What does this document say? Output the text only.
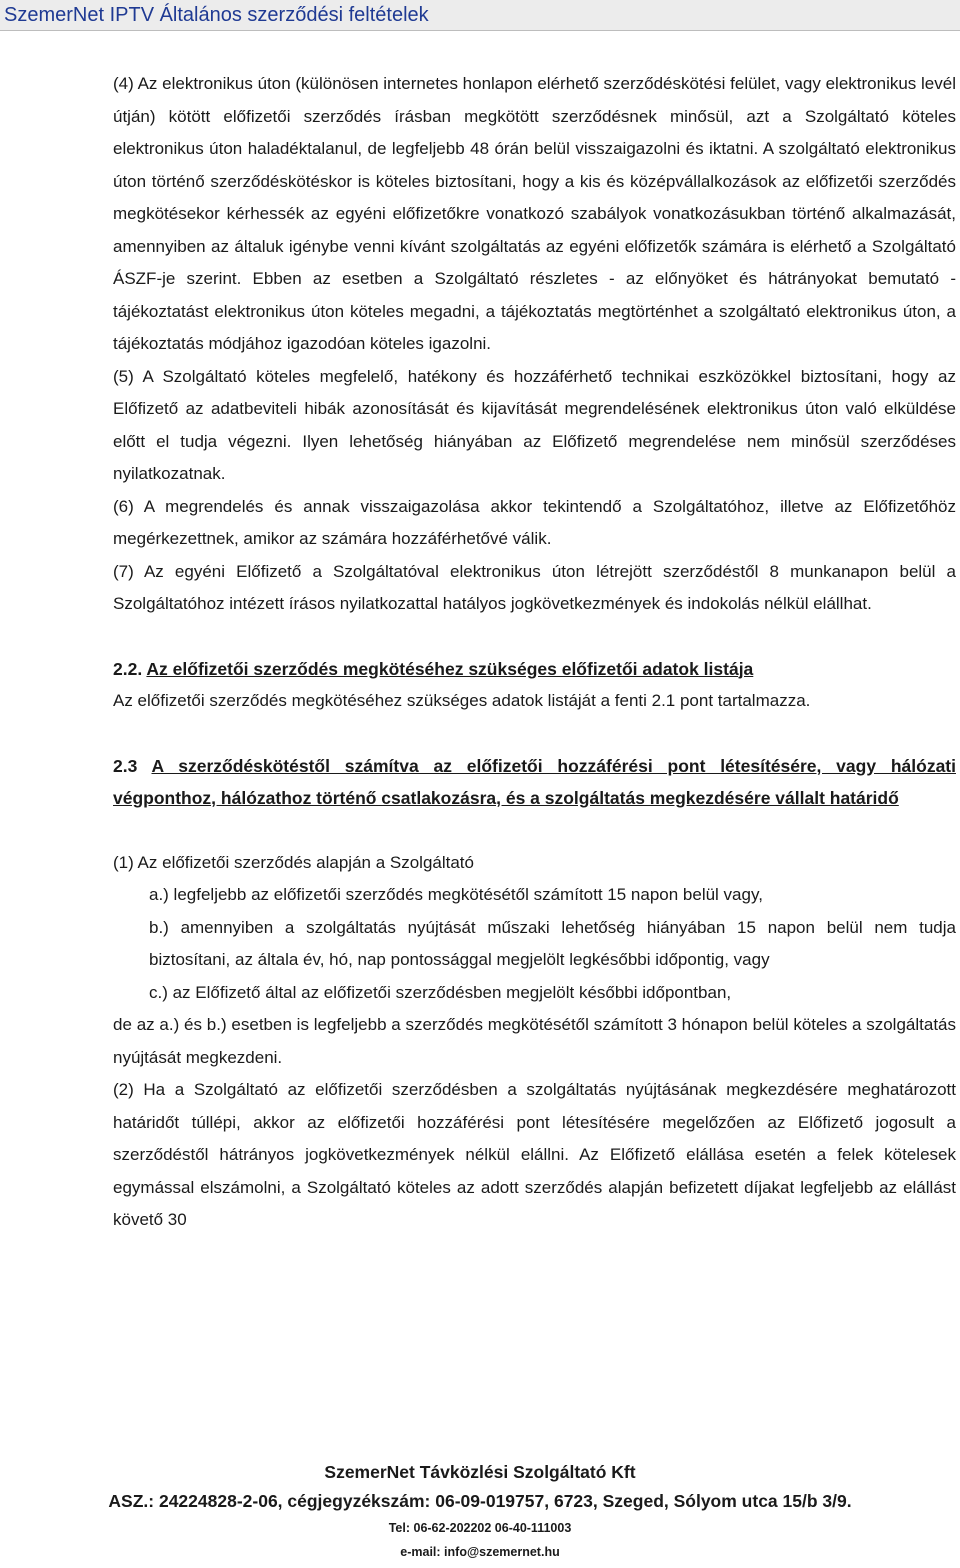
SzemerNet IPTV Általános szerződési feltételek

(4) Az elektronikus úton (különösen internetes honlapon elérhető szerződéskötési felület, vagy elektronikus levél útján) kötött előfizetői szerződés írásban megkötött szerződésnek minősül, azt a Szolgáltató köteles elektronikus úton haladéktalanul, de legfeljebb 48 órán belül visszaigazolni és iktatni. A szolgáltató elektronikus úton történő szerződéskötéskor is köteles biztosítani, hogy a kis és középvállalkozások az előfizetői szerződés megkötésekor kérhessék az egyéni előfizetőkre vonatkozó szabályok vonatkozásukban történő alkalmazását, amennyiben az általuk igénybe venni kívánt szolgáltatás az egyéni előfizetők számára is elérhető a Szolgáltató ÁSZF-je szerint. Ebben az esetben a Szolgáltató részletes - az előnyöket és hátrányokat bemutató - tájékoztatást elektronikus úton köteles megadni, a tájékoztatás megtörténhet a szolgáltató elektronikus úton, a tájékoztatás módjához igazodóan köteles igazolni.

(5) A Szolgáltató köteles megfelelő, hatékony és hozzáférhető technikai eszközökkel biztosítani, hogy az Előfizető az adatbeviteli hibák azonosítását és kijavítását megrendelésének elektronikus úton való elküldése előtt el tudja végezni. Ilyen lehetőség hiányában az Előfizető megrendelése nem minősül szerződéses nyilatkozatnak.

(6) A megrendelés és annak visszaigazolása akkor tekintendő a Szolgáltatóhoz, illetve az Előfizetőhöz megérkezettnek, amikor az számára hozzáférhetővé válik.

(7) Az egyéni Előfizető a Szolgáltatóval elektronikus úton létrejött szerződéstől 8 munkanapon belül a Szolgáltatóhoz intézett írásos nyilatkozattal hatályos jogkövetkezmények és indokolás nélkül elállhat.

2.2. Az előfizetői szerződés megkötéséhez szükséges előfizetői adatok listája

Az előfizetői szerződés megkötéséhez szükséges adatok listáját a fenti 2.1 pont tartalmazza.

2.3 A szerződéskötéstől számítva az előfizetői hozzáférési pont létesítésére, vagy hálózati végponthoz, hálózathoz történő csatlakozásra, és a szolgáltatás megkezdésére vállalt határidő

(1) Az előfizetői szerződés alapján a Szolgáltató

a.) legfeljebb az előfizetői szerződés megkötésétől számított 15 napon belül vagy,

b.) amennyiben a szolgáltatás nyújtását műszaki lehetőség hiányában 15 napon belül nem tudja biztosítani, az általa év, hó, nap pontossággal megjelölt legkésőbbi időpontig, vagy

c.) az Előfizető által az előfizetői szerződésben megjelölt későbbi időpontban,

de az a.) és b.) esetben is legfeljebb a szerződés megkötésétől számított 3 hónapon belül köteles a szolgáltatás nyújtását megkezdeni.

(2) Ha a Szolgáltató az előfizetői szerződésben a szolgáltatás nyújtásának megkezdésére meghatározott határidőt túllépi, akkor az előfizetői hozzáférési pont létesítésére megelőzően az Előfizető jogosult a szerződéstől hátrányos jogkövetkezmények nélkül elállni. Az Előfizető elállása esetén a felek kötelesek egymással elszámolni, a Szolgáltató köteles az adott szerződés alapján befizetett díjakat legfeljebb az elállást követő 30

SzemerNet Távközlési Szolgáltató Kft
ASZ.: 24224828-2-06, cégjegyzékszám: 06-09-019757, 6723, Szeged, Sólyom utca 15/b 3/9.
Tel: 06-62-202202 06-40-111003
e-mail: info@szemernet.hu
